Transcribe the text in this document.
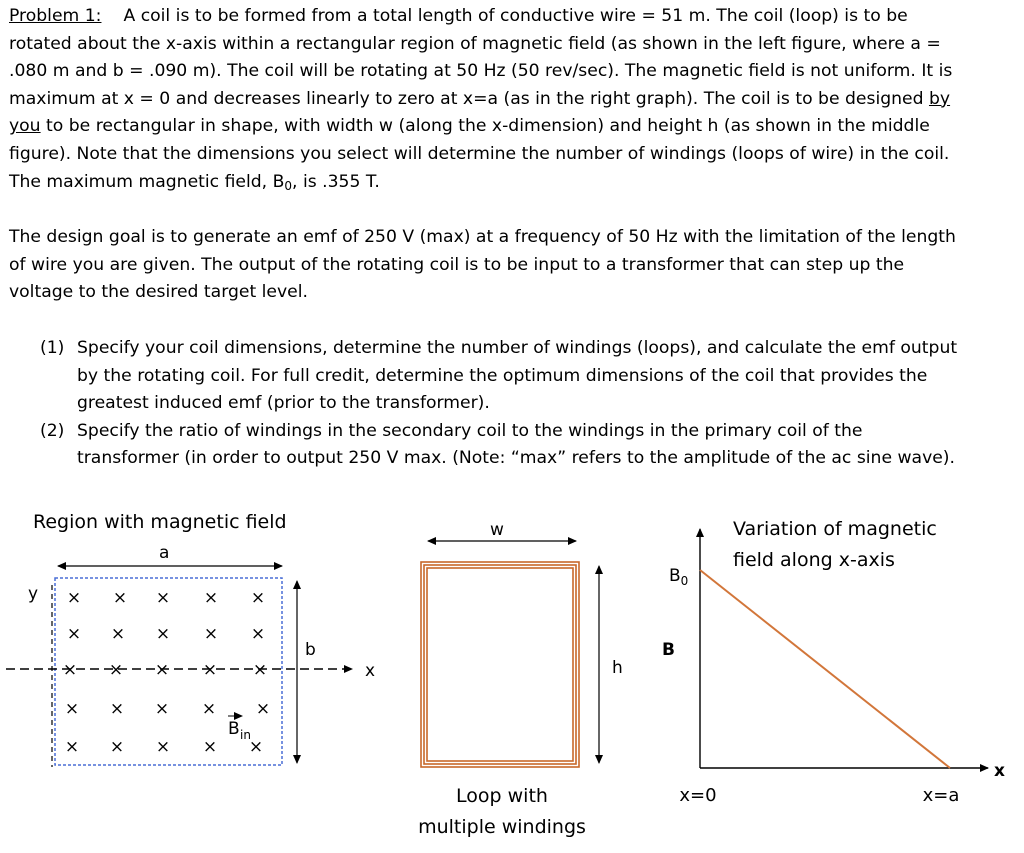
Problem 1: A coil is to be formed from a total length of conductive wire = 51 m. The coil (loop) is to be
rotated about the x-axis within a rectangular region of magnetic field (as shown in the left figure, where a =
.080 m and b = .090 m). The coil will be rotating at 50 Hz (50 rev/sec). The magnetic field is not uniform. It is
maximum at x = 0 and decreases linearly to zero at x=a (as in the right graph). The coil is to be designed by
you to be rectangular in shape, with width w (along the x-dimension) and height h (as shown in the middle
figure). Note that the dimensions you select will determine the number of windings (loops of wire) in the coil.
The maximum magnetic field, $B_0$, is .355 T.
The design goal is to generate an emf of 250 V (max) at a frequency of 50 Hz with the limitation of the length
of wire you are given. The output of the rotating coil is to be input to a transformer that can step up the
voltage to the desired target level.
(1) Specify your coil dimensions, determine the number of windings (loops), and calculate the emf output
by the rotating coil. For full credit, determine the optimum dimensions of the coil that provides the
greatest induced emf (prior to the transformer).
(2) Specify the ratio of windings in the secondary coil to the windings in the primary coil of the
transformer (in order to output 250 V max. (Note: “max” refers to the amplitude of the ac sine wave).
Region with magnetic field
a
y
x
b
× × × × ×
× × × × ×
× × × × ×
× × × × ×
× × × × ×
B in
w
h
Loop with
multiple windings
Variation of magnetic
field along x-axis
$B_0$
B
x
x=0	x=a
